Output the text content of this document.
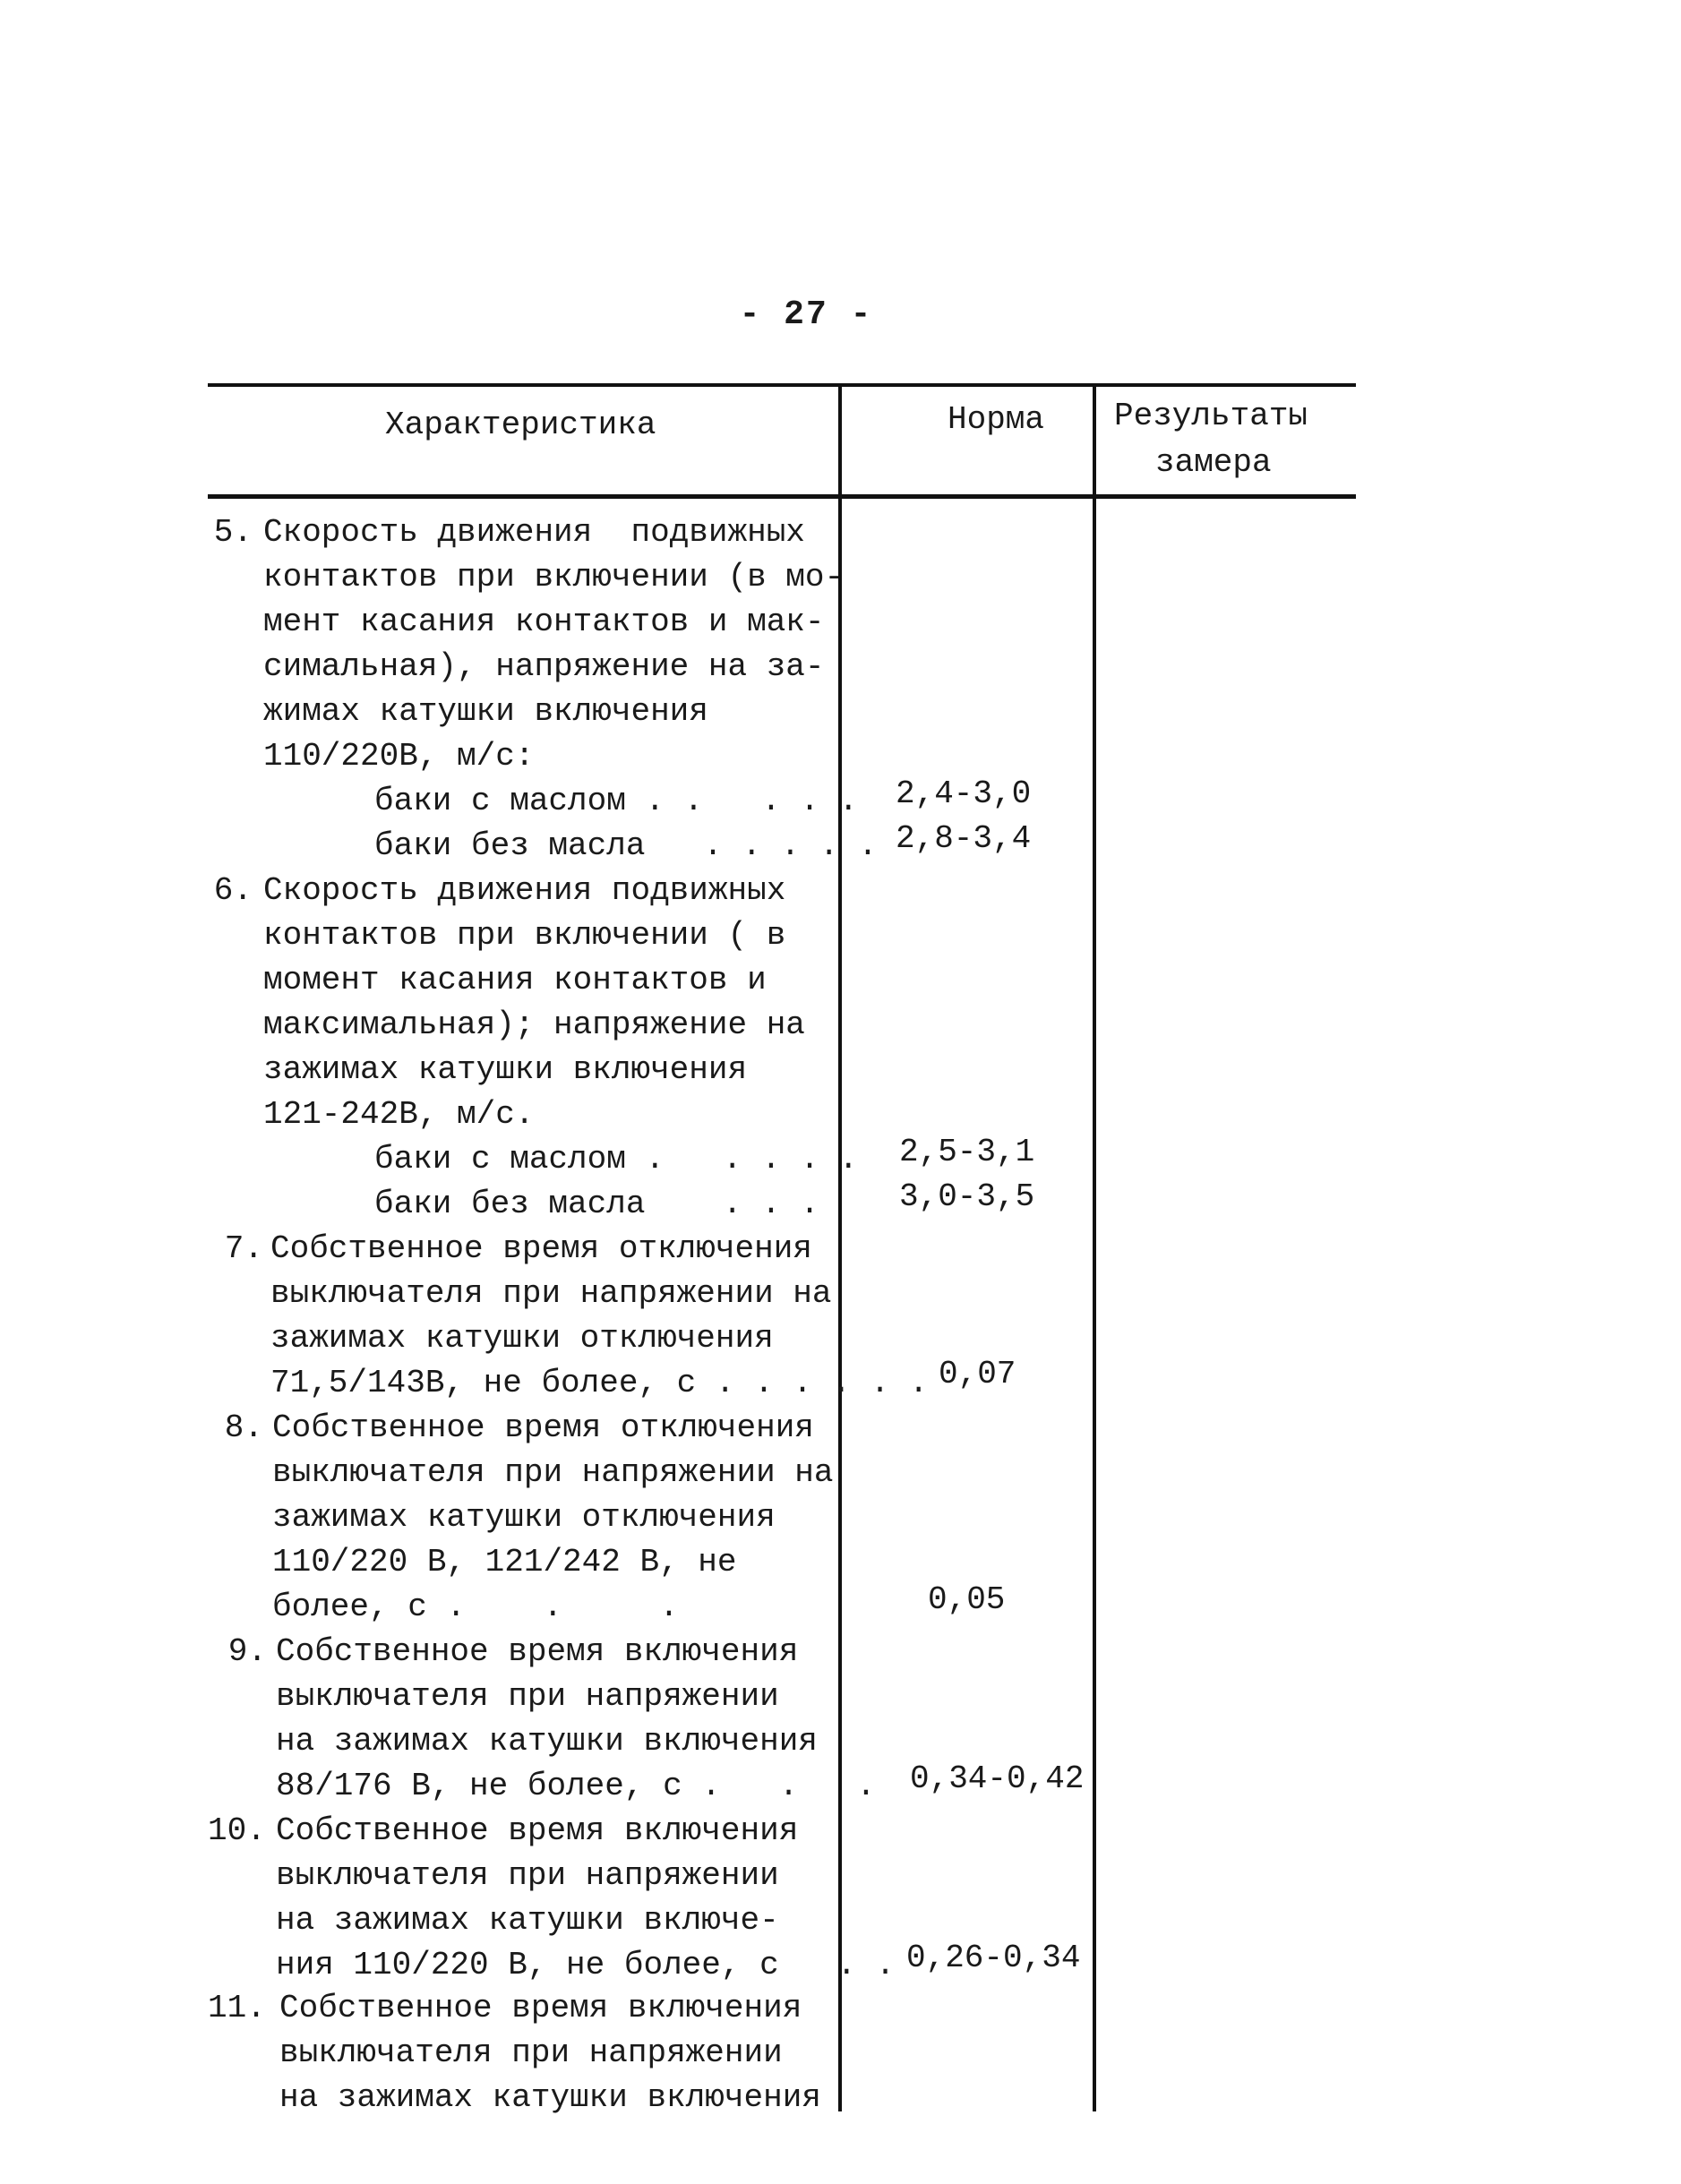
- 27 -
Характеристика	Норма Результаты
замера
5. Скорость движения  подвижных
контактов при включении (в мо-
мент касания контактов и мак-
симальная), напряжение на за-
жимах катушки включения
110/220В, м/с:
баки с маслом . .   . . . 2,4-3,0
баки без масла   . . . . . 2,8-3,4
6. Скорость движения подвижных
контактов при включении ( в
момент касания контактов и
максимальная); напряжение на
зажимах катушки включения
121-242В, м/с.
баки с маслом .   . . . . 2,5-3,1
баки без масла    . . . 3,0-3,5
7. Собственное время отключения
выключателя при напряжении на
зажимах катушки отключения
71,5/143В, не более, с . . . . . . 0,07
8. Собственное время отключения
выключателя при напряжении на
зажимах катушки отключения
110/220 В, 121/242 В, не
более, с .    .     .	0,05
9. Собственное время включения
выключателя при напряжении
на зажимах катушки включения
88/176 В, не более, с .   .   . 0,34-0,42
10. Собственное время включения
выключателя при напряжении
на зажимах катушки включе-
ния 110/220 В, не более, с   . . 0,26-0,34
11. Собственное время включения
выключателя при напряжении
на зажимах катушки включения
